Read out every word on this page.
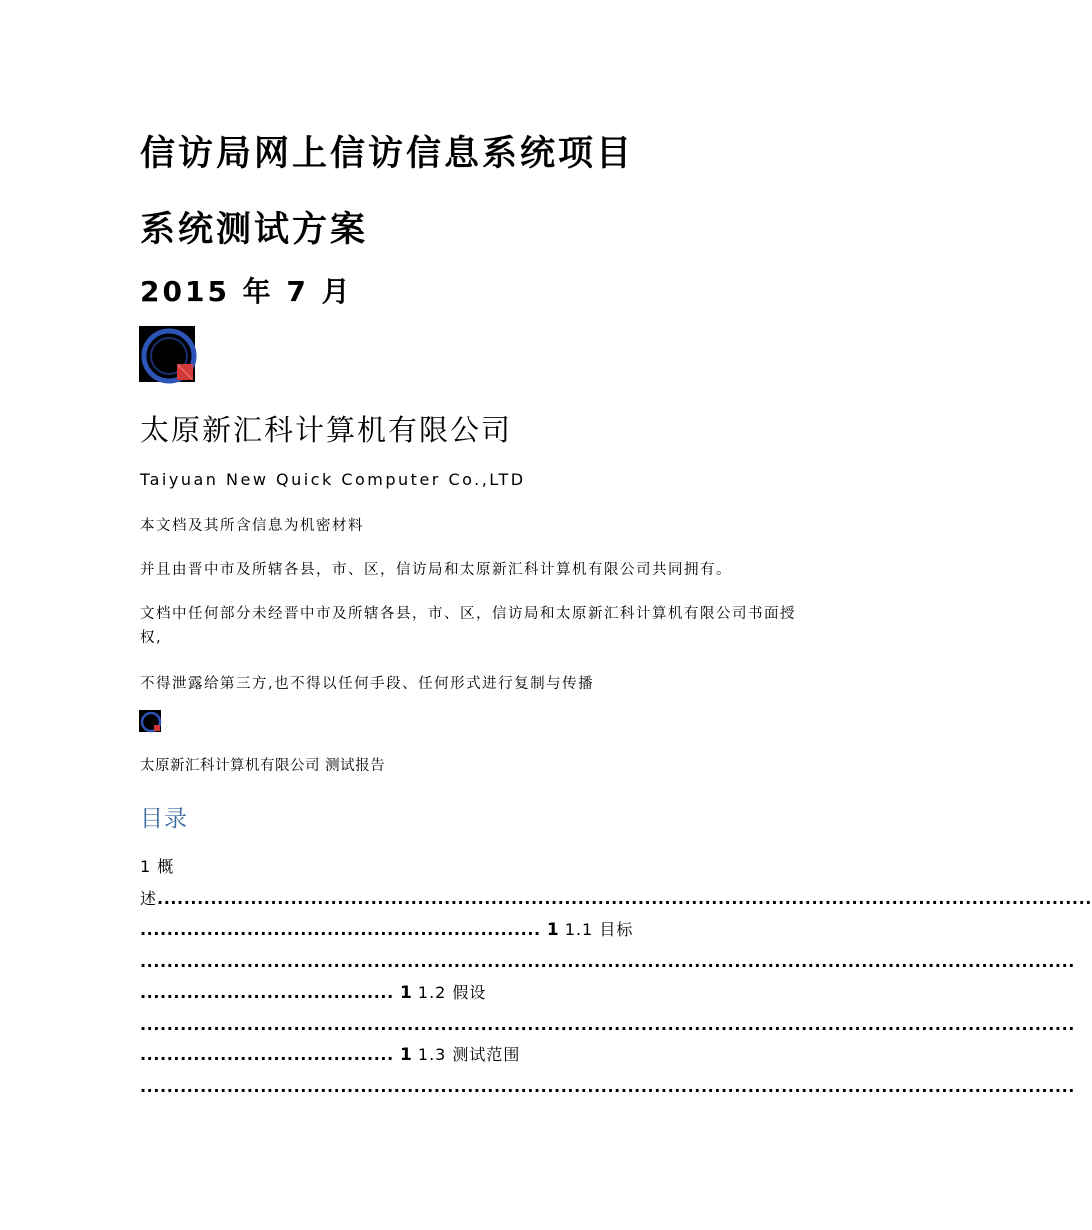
信访局网上信访信息系统项目
系统测试方案
2015 年 7 月
太原新汇科计算机有限公司
Taiyuan New Quick Computer Co.,LTD
本文档及其所含信息为机密材料
并且由晋中市及所辖各县，市、区，信访局和太原新汇科计算机有限公司共同拥有。
文档中任何部分未经晋中市及所辖各县，市、区，信访局和太原新汇科计算机有限公司书面授权,
不得泄露给第三方,也不得以任何手段、任何形式进行复制与传播
太原新汇科计算机有限公司 测试报告
目录
1 概
述............................................................................................................................................
............................................................ 1 1.1 目标
............................................................................................................................................
...................................... 1 1.2 假设
............................................................................................................................................
...................................... 1 1.3 测试范围
............................................................................................................................................
